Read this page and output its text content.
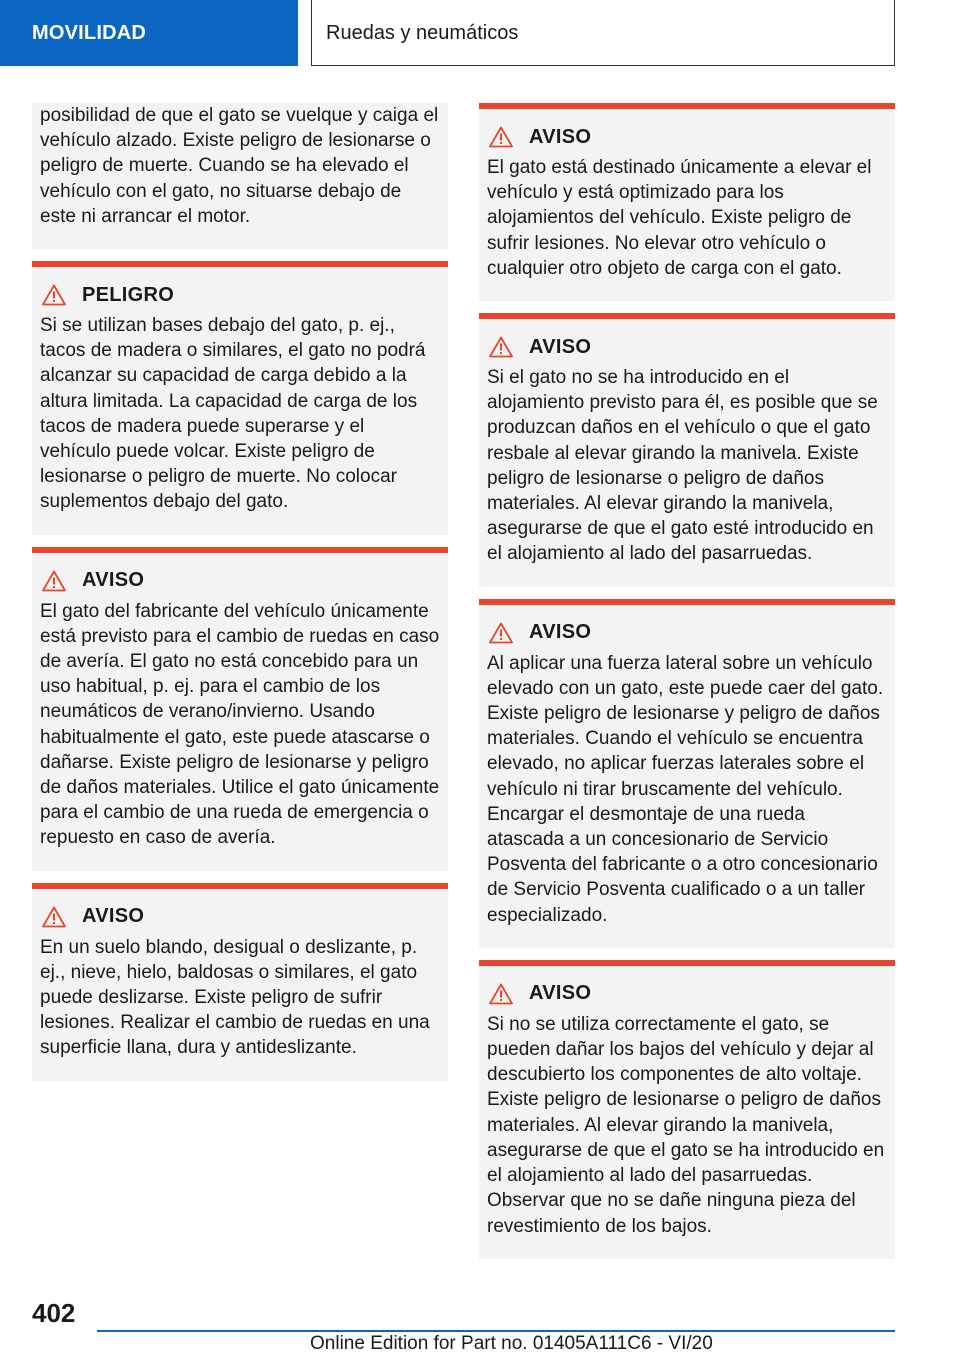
MOVILIDAD	Ruedas y neumáticos
posibilidad de que el gato se vuelque y caiga el vehículo alzado. Existe peligro de lesionarse o peligro de muerte. Cuando se ha elevado el vehículo con el gato, no situarse debajo de este ni arrancar el motor.
PELIGRO
Si se utilizan bases debajo del gato, p. ej., tacos de madera o similares, el gato no podrá alcanzar su capacidad de carga debido a la altura limitada. La capacidad de carga de los tacos de madera puede superarse y el vehículo puede volcar. Existe peligro de lesionarse o peligro de muerte. No colocar suplementos debajo del gato.
AVISO
El gato del fabricante del vehículo únicamente está previsto para el cambio de ruedas en caso de avería. El gato no está concebido para un uso habitual, p. ej. para el cambio de los neumáticos de verano/invierno. Usando habitualmente el gato, este puede atascarse o dañarse. Existe peligro de lesionarse y peligro de daños materiales. Utilice el gato únicamente para el cambio de una rueda de emergencia o repuesto en caso de avería.
AVISO
En un suelo blando, desigual o deslizante, p. ej., nieve, hielo, baldosas o similares, el gato puede deslizarse. Existe peligro de sufrir lesiones. Realizar el cambio de ruedas en una superficie llana, dura y antideslizante.
AVISO
El gato está destinado únicamente a elevar el vehículo y está optimizado para los alojamientos del vehículo. Existe peligro de sufrir lesiones. No elevar otro vehículo o cualquier otro objeto de carga con el gato.
AVISO
Si el gato no se ha introducido en el alojamiento previsto para él, es posible que se produzcan daños en el vehículo o que el gato resbale al elevar girando la manivela. Existe peligro de lesionarse o peligro de daños materiales. Al elevar girando la manivela, asegurarse de que el gato esté introducido en el alojamiento al lado del pasarruedas.
AVISO
Al aplicar una fuerza lateral sobre un vehículo elevado con un gato, este puede caer del gato. Existe peligro de lesionarse y peligro de daños materiales. Cuando el vehículo se encuentra elevado, no aplicar fuerzas laterales sobre el vehículo ni tirar bruscamente del vehículo. Encargar el desmontaje de una rueda atascada a un concesionario de Servicio Posventa del fabricante o a otro concesionario de Servicio Posventa cualificado o a un taller especializado.
AVISO
Si no se utiliza correctamente el gato, se pueden dañar los bajos del vehículo y dejar al descubierto los componentes de alto voltaje. Existe peligro de lesionarse o peligro de daños materiales. Al elevar girando la manivela, asegurarse de que el gato se ha introducido en el alojamiento al lado del pasarruedas. Observar que no se dañe ninguna pieza del revestimiento de los bajos.
402
Online Edition for Part no. 01405A111C6 - VI/20
